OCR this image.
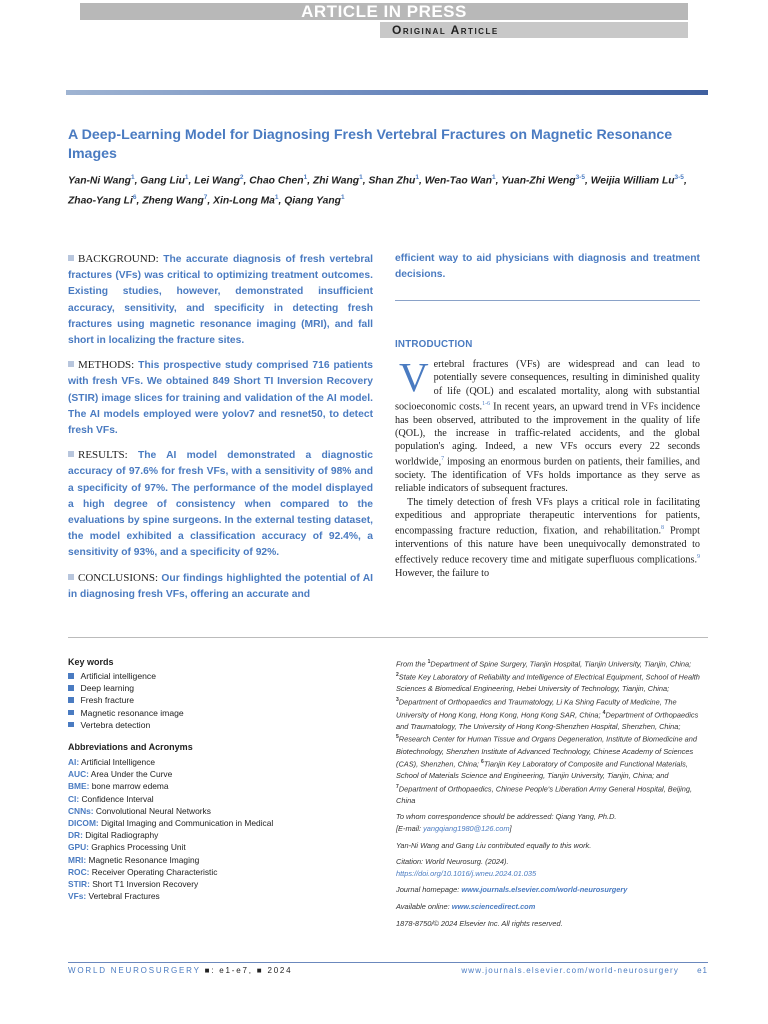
ARTICLE IN PRESS
Original Article
A Deep-Learning Model for Diagnosing Fresh Vertebral Fractures on Magnetic Resonance Images
Yan-Ni Wang$^1$, Gang Liu$^1$, Lei Wang$^2$, Chao Chen$^1$, Zhi Wang$^1$, Shan Zhu$^1$, Wen-Tao Wan$^1$, Yuan-Zhi Weng$^{3-5}$, Weijia William Lu$^{3-5}$, Zhao-Yang Li$^6$, Zheng Wang$^7$, Xin-Long Ma$^1$, Qiang Yang$^1$

BACKGROUND: The accurate diagnosis of fresh vertebral fractures (VFs) was critical to optimizing treatment outcomes. Existing studies, however, demonstrated insufficient accuracy, sensitivity, and specificity in detecting fresh fractures using magnetic resonance imaging (MRI), and fall short in localizing the fracture sites.

METHODS: This prospective study comprised 716 patients with fresh VFs. We obtained 849 Short TI Inversion Recovery (STIR) image slices for training and validation of the AI model. The AI models employed were yolov7 and resnet50, to detect fresh VFs.

RESULTS: The AI model demonstrated a diagnostic accuracy of 97.6% for fresh VFs, with a sensitivity of 98% and a specificity of 97%. The performance of the model displayed a high degree of consistency when compared to the evaluations by spine surgeons. In the external testing dataset, the model exhibited a classification accuracy of 92.4%, a sensitivity of 93%, and a specificity of 92%.

CONCLUSIONS: Our findings highlighted the potential of AI in diagnosing fresh VFs, offering an accurate and

efficient way to aid physicians with diagnosis and treatment decisions.

INTRODUCTION

Vertebral fractures (VFs) are widespread and can lead to potentially severe consequences, resulting in diminished quality of life (QOL) and escalated mortality, along with substantial socioeconomic costs.$^{1-6}$ In recent years, an upward trend in VFs incidence has been observed, attributed to the improvement in the quality of life (QOL), the increase in traffic-related accidents, and the global population's aging. Indeed, a new VFs occurs every 22 seconds worldwide,$^7$ imposing an enormous burden on patients, their families, and society. The identification of VFs holds importance as they serve as reliable indicators of subsequent fractures.

The timely detection of fresh VFs plays a critical role in facilitating expeditious and appropriate therapeutic interventions for patients, encompassing fracture reduction, fixation, and rehabilitation.$^8$ Prompt interventions of this nature have been unequivocally demonstrated to effectively reduce recovery time and mitigate superfluous complications.$^9$ However, the failure to

Key words
Artificial intelligence
Deep learning
Fresh fracture
Magnetic resonance image
Vertebra detection
Abbreviations and Acronyms
AI: Artificial Intelligence
AUC: Area Under the Curve
BME: bone marrow edema
CI: Confidence Interval
CNNs: Convolutional Neural Networks
DICOM: Digital Imaging and Communication in Medical
DR: Digital Radiography
GPU: Graphics Processing Unit
MRI: Magnetic Resonance Imaging
ROC: Receiver Operating Characteristic
STIR: Short T1 Inversion Recovery
VFs: Vertebral Fractures

From the $^1$Department of Spine Surgery, Tianjin Hospital, Tianjin University, Tianjin, China; $^2$State Key Laboratory of Reliability and Intelligence of Electrical Equipment, School of Health Sciences & Biomedical Engineering, Hebei University of Technology, Tianjin, China; $^3$Department of Orthopaedics and Traumatology, Li Ka Shing Faculty of Medicine, The University of Hong Kong, Hong Kong, Hong Kong SAR, China; $^4$Department of Orthopaedics and Traumatology, The University of Hong Kong-Shenzhen Hospital, Shenzhen, China; $^5$Research Center for Human Tissue and Organs Degeneration, Institute of Biomedicine and Biotechnology, Shenzhen Institute of Advanced Technology, Chinese Academy of Sciences (CAS), Shenzhen, China; $^6$Tianjin Key Laboratory of Composite and Functional Materials, School of Materials Science and Engineering, Tianjin University, Tianjin, China; and $^7$Department of Orthopaedics, Chinese People's Liberation Army General Hospital, Beijing, China

To whom correspondence should be addressed: Qiang Yang, Ph.D.
[E-mail: yangqiang1980@126.com]

Yan-Ni Wang and Gang Liu contributed equally to this work.

Citation: World Neurosurg. (2024).
https://doi.org/10.1016/j.wneu.2024.01.035

Journal homepage: www.journals.elsevier.com/world-neurosurgery

Available online: www.sciencedirect.com

1878-8750/© 2024 Elsevier Inc. All rights reserved.

WORLD NEUROSURGERY ■: e1-e7, ■ 2024	www.journals.elsevier.com/world-neurosurgery e1
